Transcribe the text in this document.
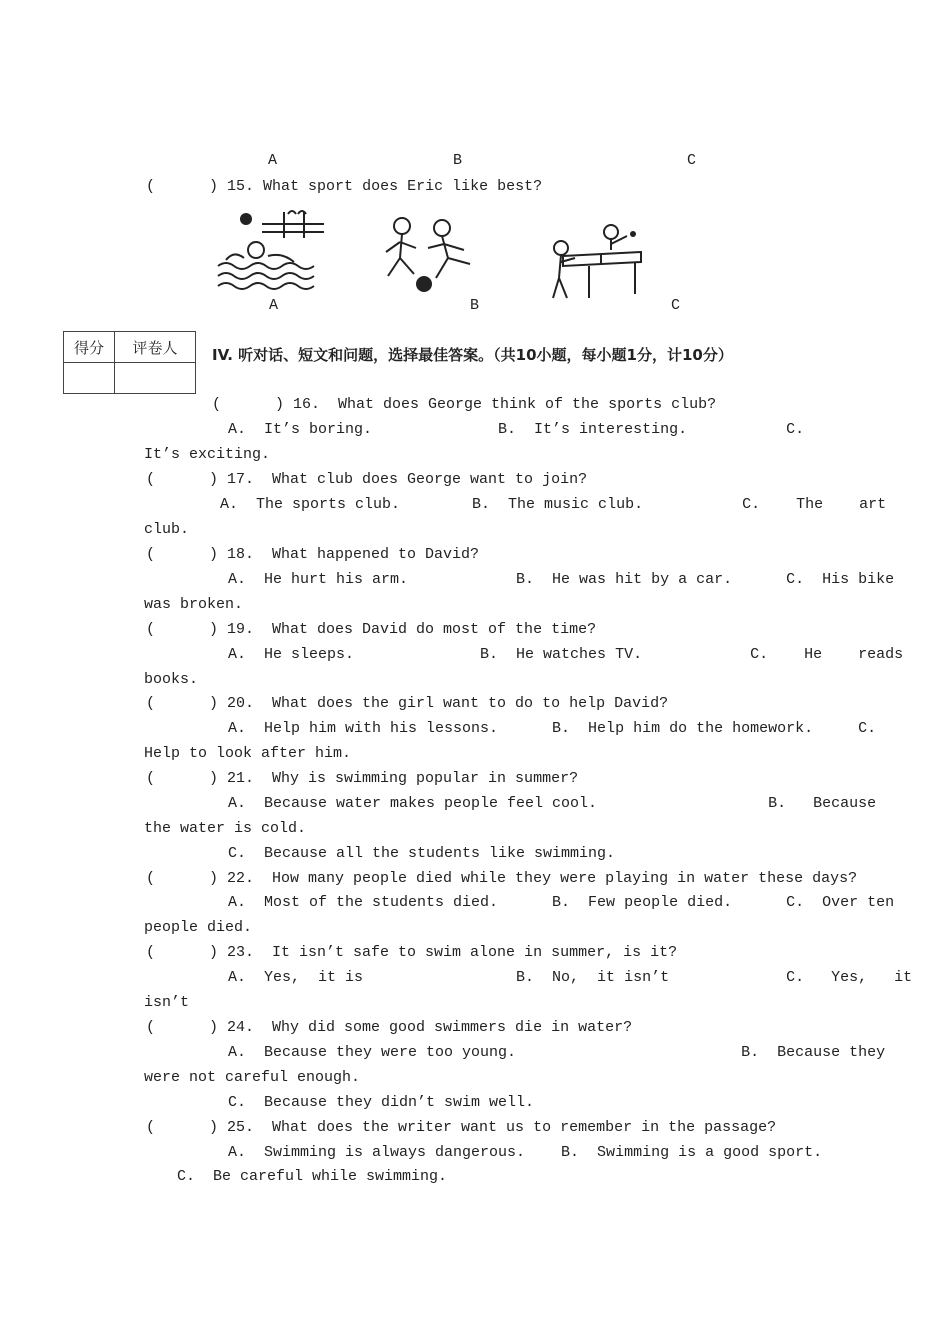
A	B	C
(      ) 15. What sport does Eric like best?
A	B	C
得分	评卷人
	IV. 听对话、短文和问题，选择最佳答案。（共10小题，每小题1分，计10分）
(      ) 16.  What does George think of the sports club?
A.  It’s boring.              B.  It’s interesting.           C.
It’s exciting.
(      ) 17.  What club does George want to join?
A.  The sports club.        B.  The music club.           C.    The    art
club.
(      ) 18.  What happened to David?
A.  He hurt his arm.            B.  He was hit by a car.      C.  His bike
was broken.
(      ) 19.  What does David do most of the time?
A.  He sleeps.              B.  He watches TV.            C.    He    reads
books.
(      ) 20.  What does the girl want to do to help David?
A.  Help him with his lessons.      B.  Help him do the homework.     C.
Help to look after him.
(      ) 21.  Why is swimming popular in summer?
A.  Because water makes people feel cool.                   B.   Because
the water is cold.
C.  Because all the students like swimming.
(      ) 22.  How many people died while they were playing in water these days?
A.  Most of the students died.      B.  Few people died.      C.  Over ten
people died.
(      ) 23.  It isn’t safe to swim alone in summer, is it?
A.  Yes,  it is                 B.  No,  it isn’t             C.   Yes,   it
isn’t
(      ) 24.  Why did some good swimmers die in water?
A.  Because they were too young.                         B.  Because they
were not careful enough.
C.  Because they didn’t swim well.
(      ) 25.  What does the writer want us to remember in the passage?
A.  Swimming is always dangerous.    B.  Swimming is a good sport.
C.  Be careful while swimming.
